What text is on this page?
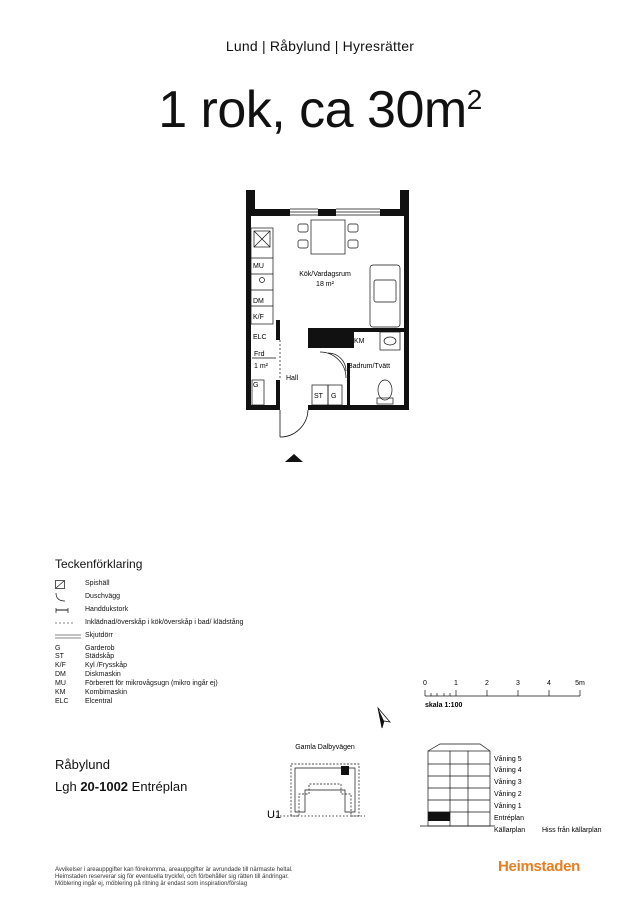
Lund | Råbylund | Hyresrätter
1 rok, ca $30m^2$
Kök/Vardagsrum
18 m²
MU
DM
K/F
ELC
Frd
1 m²
Hall
Badrum/Tvätt
KM
G
ST G
Teckenförklaring
Spishäll
Duschvägg
Handdukstork
Inklädnad/överskåp i kök/överskåp i bad/ klädstång
Skjutdörr
G	Garderob
ST	Städskåp
K/F	Kyl /Frysskåp
DM	Diskmaskin
MU	Förberett för mikrovågsugn (mikro ingår ej)
KM	Kombimaskin
ELC	Elcentral
0	1	2	3	4	5m
skala 1:100
Gamla Dalbyvägen
U1
Våning 5
Våning 4
Våning 3
Våning 2
Våning 1
Entréplan
Källarplan Hiss från källarplan
Råbylund
Lgh 20-1002 Entréplan
Avvikelser i areauppgifter kan förekomma, areauppgifter är avrundade till närmaste heltal.
Heimstaden reserverar sig för eventuella tryckfel, och förbehåller sig rätten till ändringar.
Möblering ingår ej, möblering på ritning är endast som inspiration/förslag
Heimstaden
